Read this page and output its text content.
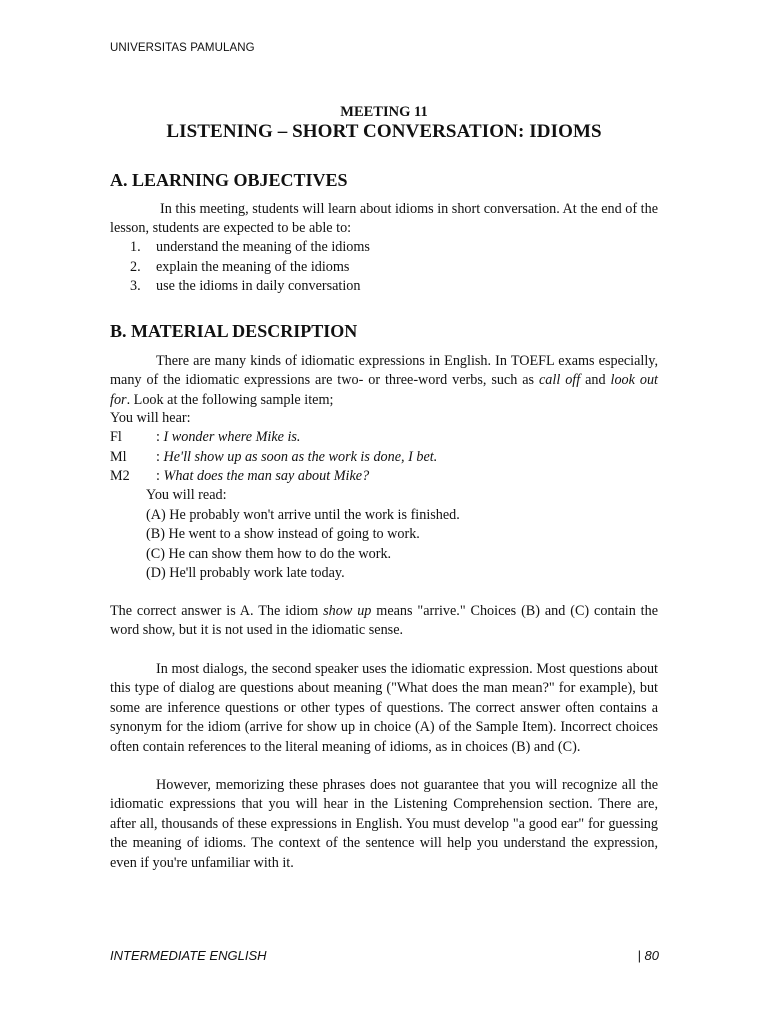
UNIVERSITAS PAMULANG
MEETING 11
LISTENING – SHORT CONVERSATION: IDIOMS
A. LEARNING OBJECTIVES

In this meeting, students will learn about idioms in short conversation. At the end of the lesson, students are expected to be able to:

1.	understand the meaning of the idioms
2.	explain the meaning of the idioms
3.	use the idioms in daily conversation
B. MATERIAL DESCRIPTION

There are many kinds of idiomatic expressions in English. In TOEFL exams especially, many of the idiomatic expressions are two- or three-word verbs, such as call off and look out for. Look at the following sample item;

You will hear:
Fl : I wonder where Mike is.
Ml : He'll show up as soon as the work is done, I bet.
M2 : What does the man say about Mike?
You will read:
(A) He probably won't arrive until the work is finished.
(B) He went to a show instead of going to work.
(C) He can show them how to do the work.
(D) He'll probably work late today.

The correct answer is A. The idiom show up means "arrive." Choices (B) and (C) contain the word show, but it is not used in the idiomatic sense.

In most dialogs, the second speaker uses the idiomatic expression. Most questions about this type of dialog are questions about meaning ("What does the man mean?" for example), but some are inference questions or other types of questions. The correct answer often contains a synonym for the idiom (arrive for show up in choice (A) of the Sample Item). Incorrect choices often contain references to the literal meaning of idioms, as in choices (B) and (C).

However, memorizing these phrases does not guarantee that you will recognize all the idiomatic expressions that you will hear in the Listening Comprehension section. There are, after all, thousands of these expressions in English. You must develop "a good ear" for guessing the meaning of idioms. The context of the sentence will help you understand the expression, even if you're unfamiliar with it.

INTERMEDIATE ENGLISH	| 80
